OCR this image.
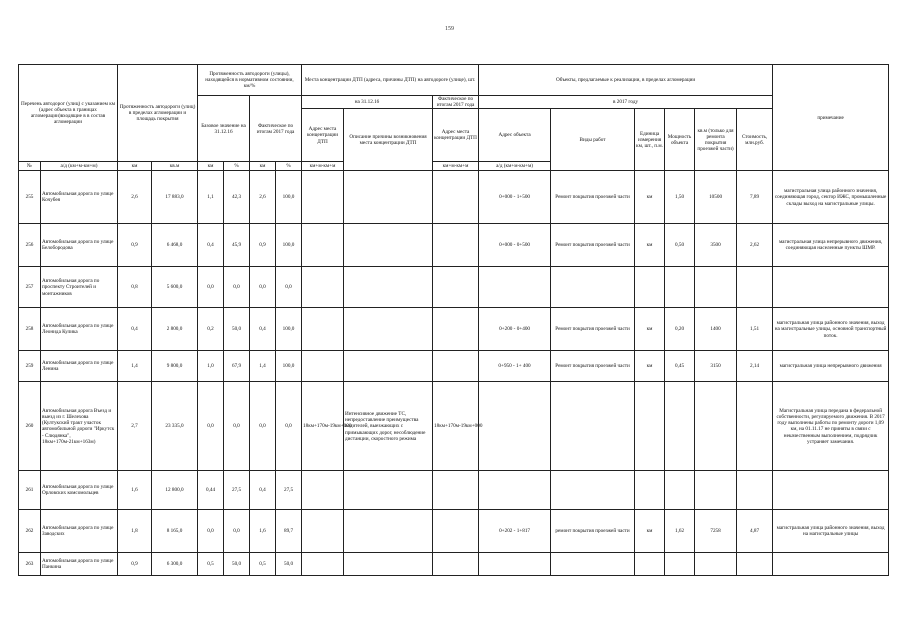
159
Перечень автодорог (улиц) с указанием км (адрес объекта в границах агломерации)входящие в в состав агломерации		Протяженность автодороги (улиц) в пределах агломерации и площадь покрытия		Протяженность автодороги (улицы), находящейся в нормативном состоянии, км/%				Места концентрации ДТП (адреса, причины ДТП) на автодороге (улице), шт.			Объекты, предлагаемые к реализации, в пределах агломерации						примечание
				Базовое значение на 31.12.16		Фактическое по итогам 2017 года		на 31.12.16		Фактическое по итогам 2017 года	в 2017 году						
								Адрес места концентрации ДТП	Описание причины возникновения места концентрации ДТП	Адрес места концентрации ДТП	Адрес объекта	Виды работ	Единица измерения км, шт., п.м.	Мощность объекта	кв.м (только для ремонта покрытия проезжей части)	Стоимость, млн.руб.	
№	а/д (км+м-км+м)	км	кв.м	км	%	км	%	км+м-км+м		км+м-км+м	а/д (км+м-км+м)						
255	Автомобильная дорога по улице Кочубея	2,6	17 883,0	1,1	42,3	2,6	100,0				0+000 - 1+500	Ремонт покрытия проезжей части	км	1,50	10500	7,89	магистральная улица районного значения, соединяющая город, сектор ИЖС, промышленные склады выход на магистральные улицы.
256	Автомобильная дорога по улице Белобородова	0,9	6 468,0	0,4	45,9	0,9	100,0				0+000 - 0+500	Ремонт покрытия проезжей части	км	0,50	3500	2,62	магистральная улица непрерывного движения, соединяющая населенные пункты ШМР.
257	Автомобильная дорога по проспекту Строителей и монтажников	0,8	5 600,0	0,0	0,0	0,0	0,0										
258	Автомобильная дорога по улице Леонида Кулика	0,4	2 800,0	0,2	50,0	0,4	100,0				0+200 - 0+400	Ремонт покрытия проезжей части	км	0,20	1400	1,51	магистральная улица районного значения, выход на магистральные улицы, основной транспортный поток.
259	Автомобильная дорога по улице Ленина	1,4	9 800,0	1,0	67,9	1,4	100,0				0+950 - 1+ 400	Ремонт покрытия проезжей части	км	0,45	3150	2,14	магистральная улица непрерывного движения
260	Автомобильная дорога Въезд и выезд из г. Шелехова (Култукский тракт участок автомобильной дороги "Иркутск - Слюдянка", 18км+170м-21км+163м)	2,7	23 335,0	0,0	0,0	0,0	0,0	18км+170м-19км+000	Интенсивное движение ТС, непредоставление преимущества водителей, выезжающих с примыкающих дорог, несоблюдение дистанции, скоростного режима	18км+170м-19км+000							Магистральная улица передана в федеральной собственности, регулируемого движения. В 2017 году выполнены работы по ремонту дороги 1,09 км, на 01.11.17 не приняты в связи с некачественным выполнением, подрядчик устраняет замечания.
261	Автомобильная дорога по улице Орловских комсомольцев	1,6	12 800,0	0,44	27,5	0,4	27,5										
262	Автомобильная дорога по улице Заводских	1,8	8 165,0	0,0	0,0	1,6	89,7				0+202 - 1+817	ремонт покрытия проезжей части	км	1,62	7258	4,87	магистральная улица районного значения, выход на магистральные улицы
263	Автомобильная дорога по улице Панкина	0,9	6 300,0	0,5	50,0	0,5	50,0										
